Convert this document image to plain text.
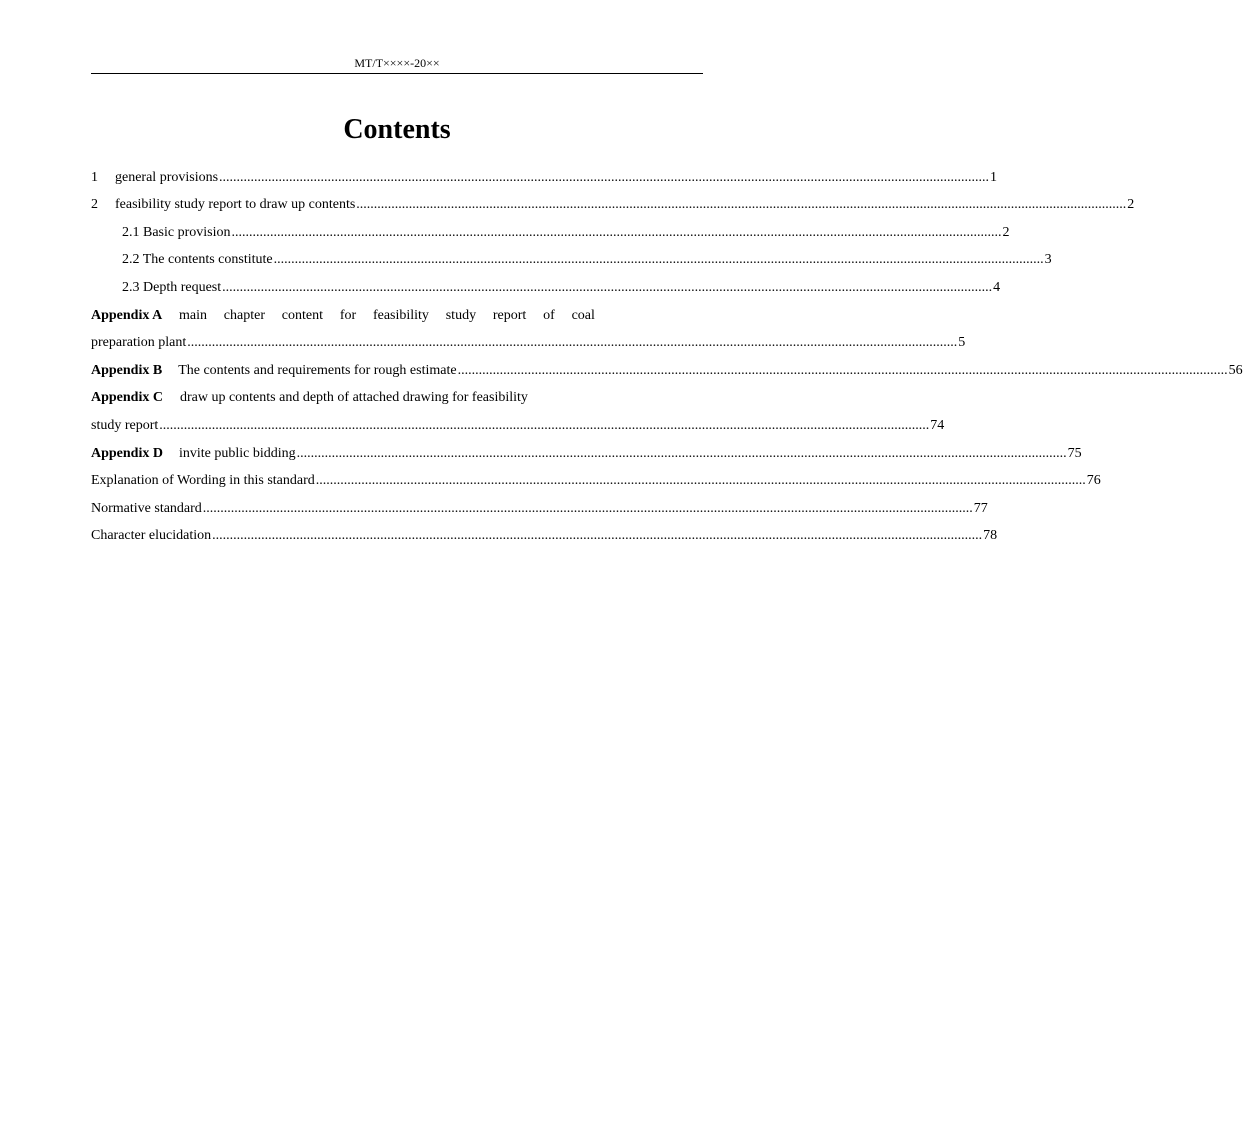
MT/T××××-20××
Contents
1	general provisions ............................................................................................................................................................................................................................ 1
2	feasibility study report to draw up contents ............................................................................................................................................................................................................................ 2
2.1 Basic provision ............................................................................................................................................................................................................................ 2
2.2 The contents constitute ............................................................................................................................................................................................................................ 3
2.3 Depth request ............................................................................................................................................................................................................................ 4
Appendix A main chapter content for feasibility study report of coal
preparation plant ............................................................................................................................................................................................................................ 5
Appendix B The contents and requirements for rough estimate ............................................................................................................................................................................................................................ 56
Appendix C draw up contents and depth of attached drawing for feasibility
study report ............................................................................................................................................................................................................................ 74
Appendix D invite public bidding ............................................................................................................................................................................................................................ 75
Explanation of Wording in this standard ............................................................................................................................................................................................................................ 76
Normative standard ............................................................................................................................................................................................................................ 77
Character elucidation ............................................................................................................................................................................................................................ 78
